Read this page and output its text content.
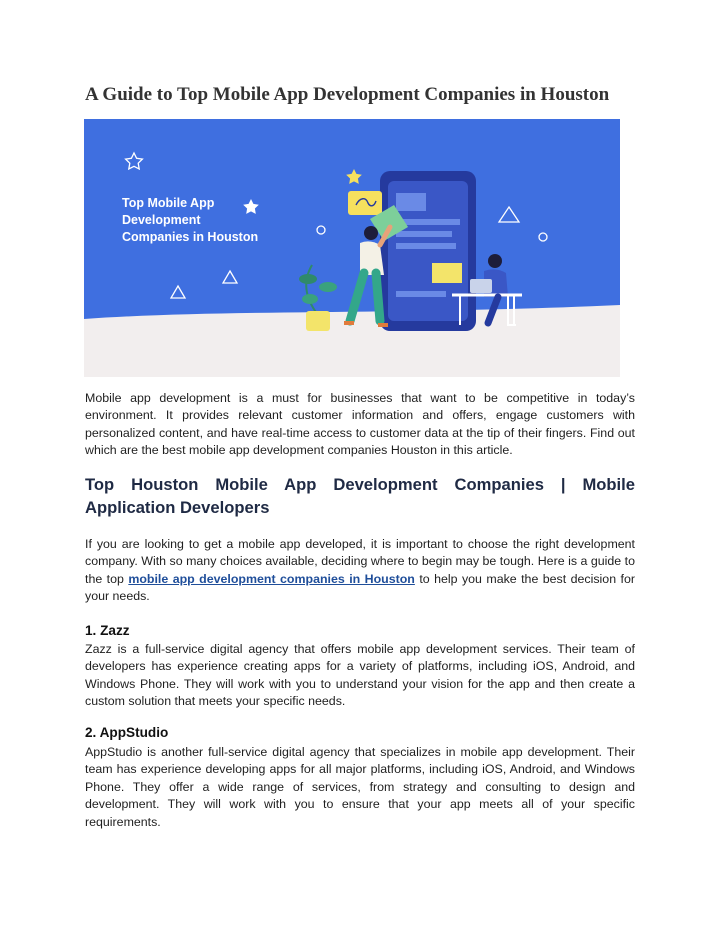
A Guide to Top Mobile App Development Companies in Houston
Top Mobile App
Development
Companies in Houston

Mobile app development is a must for businesses that want to be competitive in today’s environment. It provides relevant customer information and offers, engage customers with personalized content, and have real-time access to customer data at the tip of their fingers. Find out which are the best mobile app development companies Houston in this article.

Top Houston Mobile App Development Companies | Mobile
Application Developers

If you are looking to get a mobile app developed, it is important to choose the right development company. With so many choices available, deciding where to begin may be tough. Here is a guide to the top mobile app development companies in Houston to help you make the best decision for your needs.

1. Zazz

Zazz is a full-service digital agency that offers mobile app development services. Their team of developers has experience creating apps for a variety of platforms, including iOS, Android, and Windows Phone. They will work with you to understand your vision for the app and then create a custom solution that meets your specific needs.

2. AppStudio

AppStudio is another full-service digital agency that specializes in mobile app development. Their team has experience developing apps for all major platforms, including iOS, Android, and Windows Phone. They offer a wide range of services, from strategy and consulting to design and development. They will work with you to ensure that your app meets all of your specific requirements.
